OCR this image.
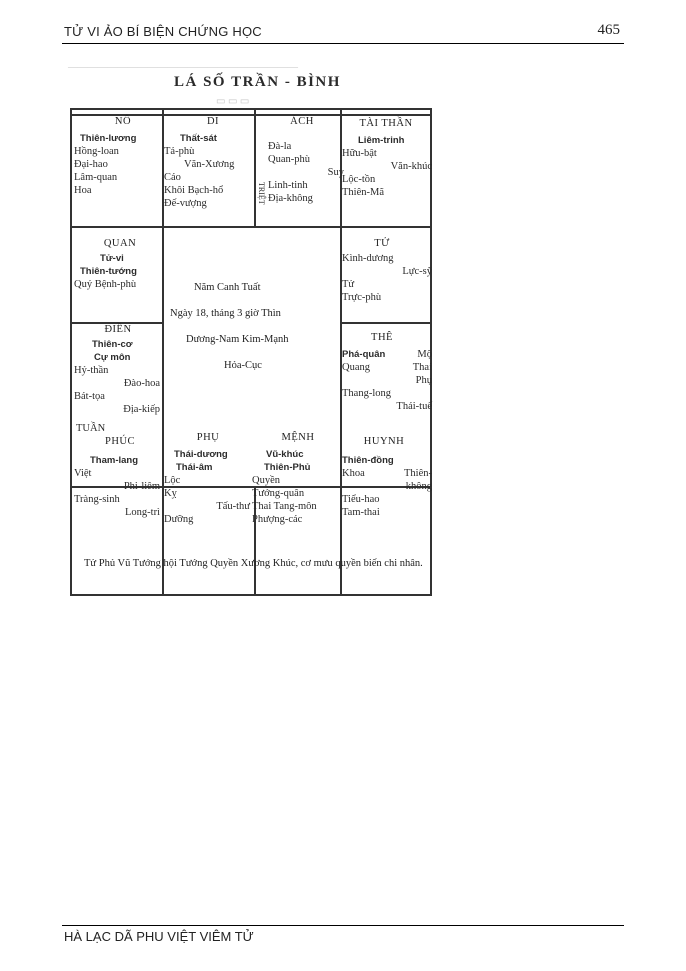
TỬ VI ẢO BÍ BIỆN CHỨNG HỌC	465
———————————————————————
▭ ▭ ▭
LÁ SỐ TRẦN - BÌNH
NÔ
Thiên-lương
Hồng-loan
Đại-hao
Lâm-quan
Hoa
DI
Thất-sát
Tả-phù
Văn-Xương
Cáo
Khôi Bạch-hổ
Đế-vượng
ÁCH
Đà-la
Quan-phù
Suy
Linh-tinh
Địa-không
TRIỆT
TÀI THẦN
Liêm-trinh
Hữu-bật
Văn-khúc
Lộc-tồn
Thiên-Mã
QUAN
Tử-vi
Thiên-tướng
Quý Bệnh-phù
TỬ
Kình-dương
Lực-sỹ
Tử
Trực-phù
Năm Canh Tuất
Ngày 18, tháng 3 giờ Thìn
Dương-Nam Kim-Mạnh
Hỏa-Cục
ĐIỀN
Thiên-cơ
Cự môn
Hỷ-thần
Đào-hoa
Bát-tọa
Địa-kiếp
TUẦN
THÊ
Phá-quân	Mộ
Quang	Thai
Phụ
Thang-long
Thái-tuế
PHÚC
Tham-lang
Việt
Phi-liêm
Tràng-sinh
Long-trì
PHỤ
Thái-dương
Thái-âm
Lộc
Kỵ
Tấu-thư
Dưỡng
MỆNH
Vũ-khúc
Thiên-Phủ
Quyền
Tướng-quân
Thai Tang-môn
Phượng-các
HUYNH
Thiên-đồng
Khoa	Thiên-
không
Tiểu-hao
Tam-thai
Tử Phủ Vũ Tướng hội Tướng Quyền Xương Khúc, cơ mưu quyền biến chi nhân.
HÀ LẠC DÃ PHU VIỆT VIÊM TỬ
